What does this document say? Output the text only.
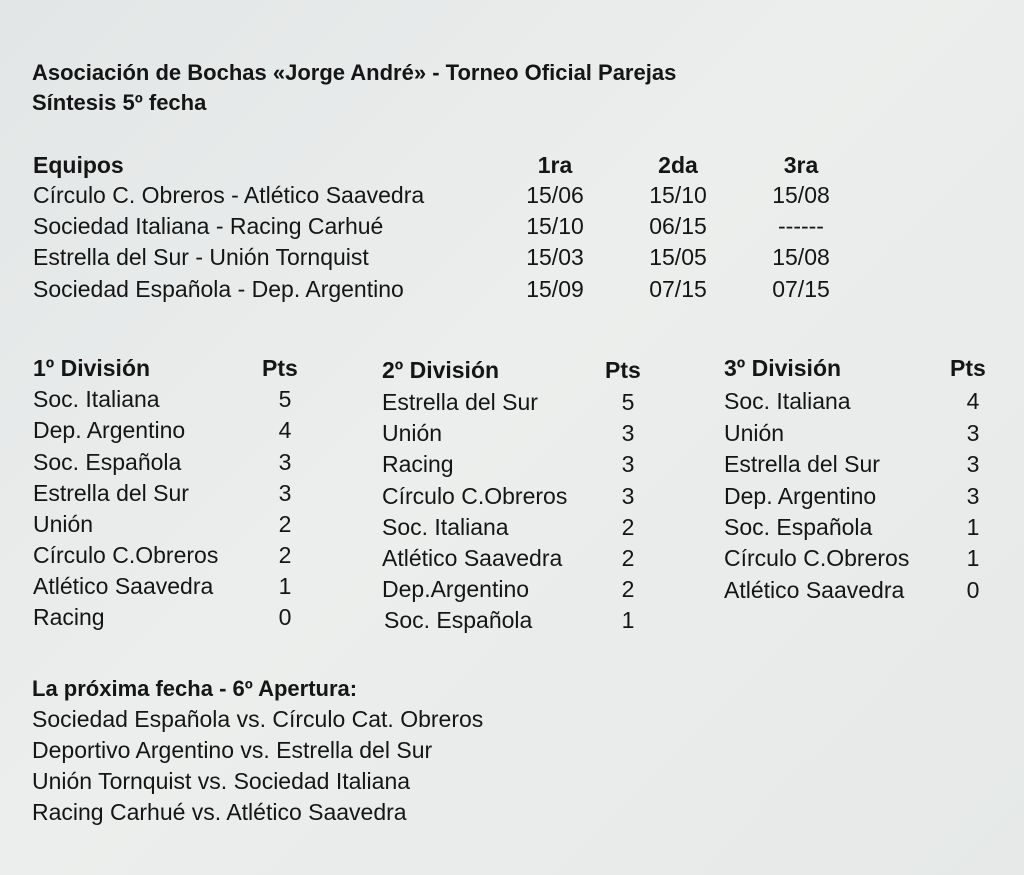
Asociación de Bochas «Jorge André» - Torneo Oficial Parejas
Síntesis 5º fecha
Equipos	1ra	2da	3ra
Círculo C. Obreros - Atlético Saavedra	15/06	15/10	15/08
Sociedad Italiana - Racing Carhué	15/10	06/15	------
Estrella del Sur - Unión Tornquist	15/03	15/05	15/08
Sociedad Española - Dep. Argentino	15/09	07/15	07/15
1º División	Pts
Soc. Italiana	5
Dep. Argentino	4
Soc. Española	3
Estrella del Sur	3
Unión	2
Círculo C.Obreros	2
Atlético Saavedra	1
Racing	0
2º División	Pts
Estrella del Sur	5
Unión	3
Racing	3
Círculo C.Obreros	3
Soc. Italiana	2
Atlético Saavedra	2
Dep.Argentino	2
Soc. Española	1
3º División	Pts
Soc. Italiana	4
Unión	3
Estrella del Sur	3
Dep. Argentino	3
Soc. Española	1
Círculo C.Obreros	1
Atlético Saavedra	0
La próxima fecha - 6º Apertura:
Sociedad Española vs. Círculo Cat. Obreros
Deportivo Argentino vs. Estrella del Sur
Unión Tornquist vs. Sociedad Italiana
Racing Carhué vs. Atlético Saavedra
